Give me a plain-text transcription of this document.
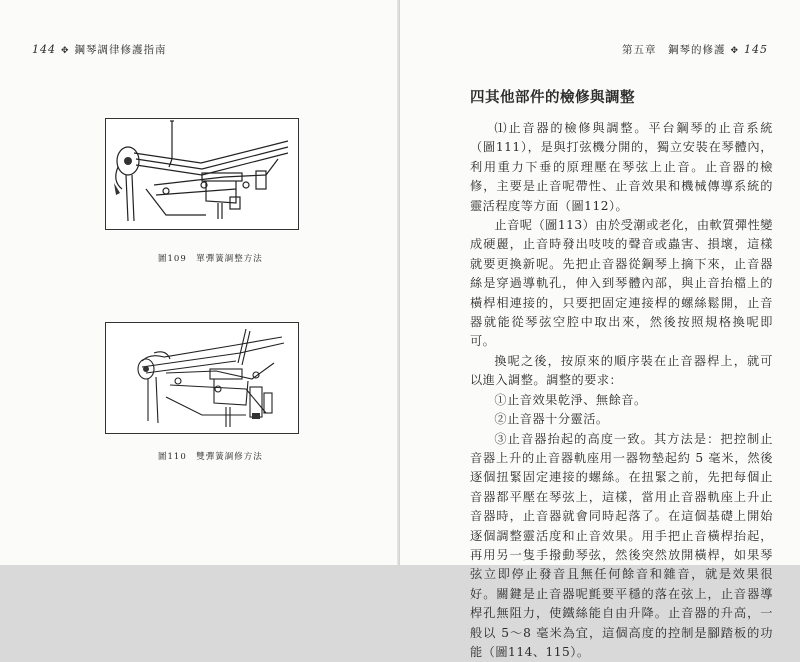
144 ✥ 鋼琴調律修護指南
圖109　單彈簧調整方法
圖110　雙彈簧調修方法
第五章　鋼琴的修護 ✥ 145
四其他部件的檢修與調整

⑴止音器的檢修與調整。平台鋼琴的止音系統（圖111），是與打弦機分開的，獨立安裝在琴體內，利用重力下垂的原理壓在琴弦上止音。止音器的檢修，主要是止音呢帶性、止音效果和機械傳導系統的靈活程度等方面（圖112）。

止音呢（圖113）由於受潮或老化，由軟質彈性變成硬麗，止音時發出吱吱的聲音或蟲害、損壞，這樣就要更換新呢。先把止音器從鋼琴上摘下來，止音器絲是穿過導軌孔，伸入到琴體內部，與止音抬檔上的橫桿相連接的，只要把固定連接桿的螺絲鬆開，止音器就能從琴弦空腔中取出來，然後按照規格換呢即可。

換呢之後，按原來的順序裝在止音器桿上，就可以進入調整。調整的要求：

①止音效果乾淨、無餘音。

②止音器十分靈活。

③止音器抬起的高度一致。其方法是：把控制止音器上升的止音器軌座用一器物墊起約 5 毫米，然後逐個扭緊固定連接的螺絲。在扭緊之前，先把每個止音器都平壓在琴弦上，這樣，當用止音器軌座上升止音器時，止音器就會同時起落了。在這個基礎上開始逐個調整靈活度和止音效果。用手把止音橫桿抬起，再用另一隻手撥動琴弦，然後突然放開橫桿，如果琴弦立即停止發音且無任何餘音和雜音，就是效果很好。關鍵是止音器呢氈要平穩的落在弦上，止音器導桿孔無阻力，使鐵絲能自由升降。止音器的升高，一般以 5～8 毫米為宜，這個高度的控制是腳踏板的功能（圖114、115）。
